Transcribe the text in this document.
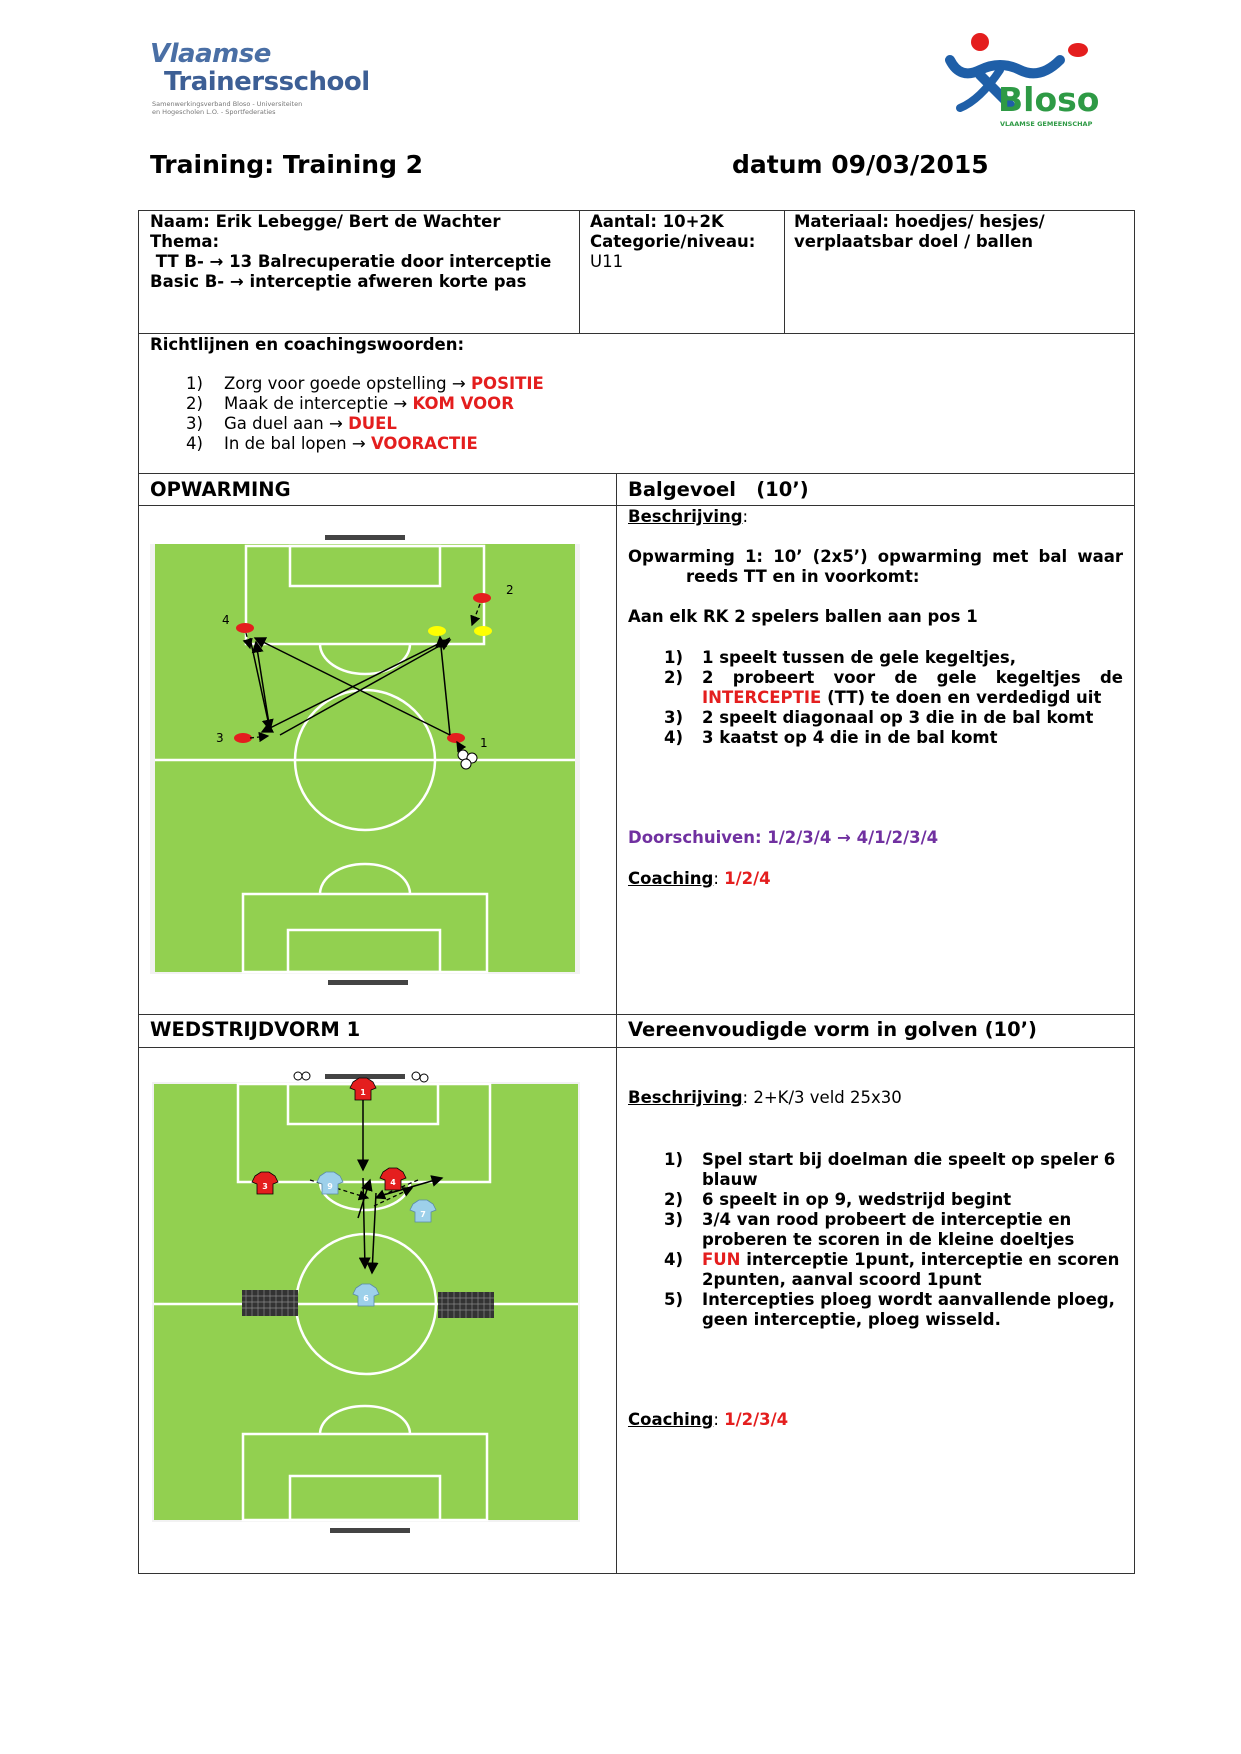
Vlaamse
Trainersschool
Samenwerkingsverband Bloso - Universiteiten
en Hogescholen L.O. - Sportfederaties	Bloso
VLAAMSE GEMEENSCHAP
Training: Training 2	datum 09/03/2015
Naam: Erik Lebegge/ Bert de Wachter
Thema:
TT B- → 13 Balrecuperatie door interceptie
Basic B- → interceptie afweren korte pas
Aantal: 10+2K
Categorie/niveau:
U11
Materiaal: hoedjes/ hesjes/
verplaatsbar doel / ballen
Richtlijnen en coachingswoorden:
1) Zorg voor goede opstelling → POSITIE
2) Maak de interceptie → KOM VOOR
3) Ga duel aan → DUEL
4) In de bal lopen → VOORACTIE
OPWARMING	Balgevoel   (10’)
4
2
3	1
Beschrijving:
Opwarming 1: 10’ (2x5’) opwarming met bal waar
reeds TT en in voorkomt:
Aan elk RK 2 spelers ballen aan pos 1
1) 1 speelt tussen de gele kegeltjes,
2) 2 probeert voor de gele kegeltjes de
INTERCEPTIE (TT) te doen en verdedigd uit
3) 2 speelt diagonaal op 3 die in de bal komt
4) 3 kaatst op 4 die in de bal komt
Doorschuiven: 1/2/3/4 → 4/1/2/3/4
Coaching: 1/2/4
WEDSTRIJDVORM 1	Vereenvoudigde vorm in golven (10’)
1
3	4
9
7
6
Beschrijving: 2+K/3 veld 25x30
1) Spel start bij doelman die speelt op speler 6
blauw
2) 6 speelt in op 9, wedstrijd begint
3) 3/4 van rood probeert de interceptie en
proberen te scoren in de kleine doeltjes
4) FUN interceptie 1punt, interceptie en scoren
2punten, aanval scoord 1punt
5) Intercepties ploeg wordt aanvallende ploeg,
geen interceptie, ploeg wisseld.
Coaching: 1/2/3/4
